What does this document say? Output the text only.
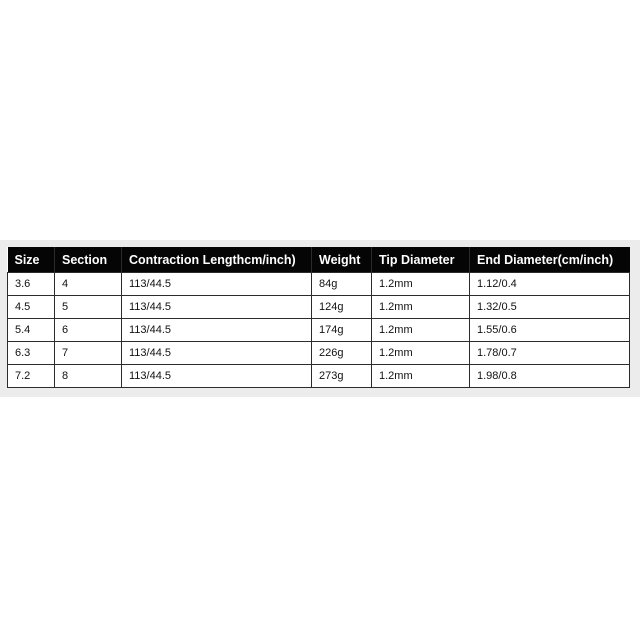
Size	Section	Contraction Lengthcm/inch)	Weight	Tip Diameter	End Diameter(cm/inch)
3.6	4	113/44.5	84g	1.2mm	1.12/0.4
4.5	5	113/44.5	124g	1.2mm	1.32/0.5
5.4	6	113/44.5	174g	1.2mm	1.55/0.6
6.3	7	113/44.5	226g	1.2mm	1.78/0.7
7.2	8	113/44.5	273g	1.2mm	1.98/0.8
